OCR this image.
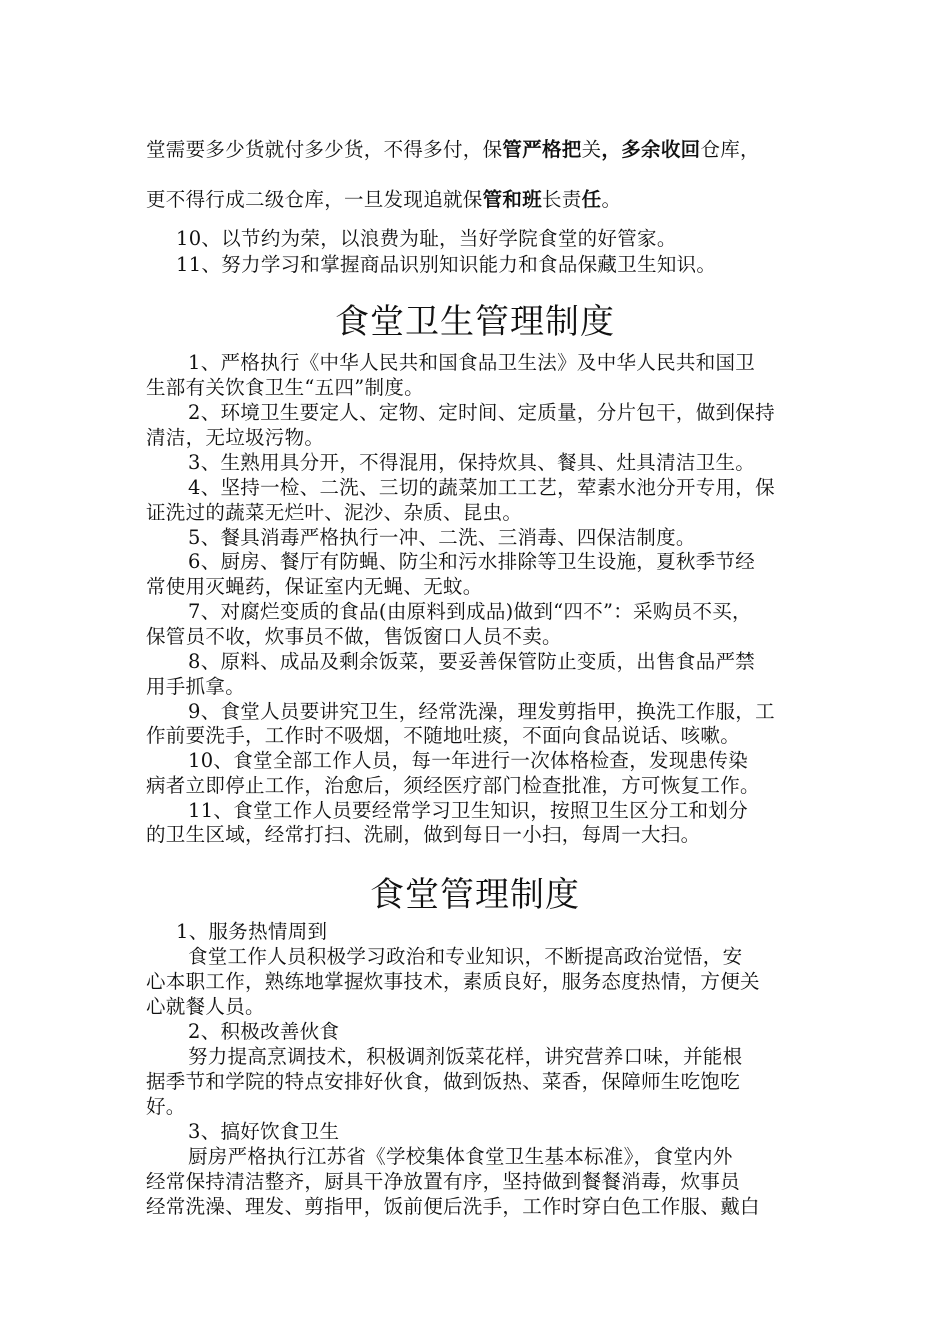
堂需要多少货就付多少货，不得多付，保管严格把关，多余收回仓库，
更不得行成二级仓库，一旦发现追就保管和班长责任。
10、以节约为荣，以浪费为耻，当好学院食堂的好管家。
11、努力学习和掌握商品识别知识能力和食品保藏卫生知识。
食堂卫生管理制度
1、严格执行《中华人民共和国食品卫生法》及中华人民共和国卫
生部有关饮食卫生“五四”制度。
2、环境卫生要定人、定物、定时间、定质量，分片包干，做到保持
清洁，无垃圾污物。
3、生熟用具分开，不得混用，保持炊具、餐具、灶具清洁卫生。
4、坚持一检、二洗、三切的蔬菜加工工艺，荤素水池分开专用，保
证洗过的蔬菜无烂叶、泥沙、杂质、昆虫。
5、餐具消毒严格执行一冲、二洗、三消毒、四保洁制度。
6、厨房、餐厅有防蝇、防尘和污水排除等卫生设施，夏秋季节经
常使用灭蝇药，保证室内无蝇、无蚊。
7、对腐烂变质的食品(由原料到成品)做到“四不”：采购员不买，
保管员不收，炊事员不做，售饭窗口人员不卖。
8、原料、成品及剩余饭菜，要妥善保管防止变质，出售食品严禁
用手抓拿。
9、食堂人员要讲究卫生，经常洗澡，理发剪指甲，换洗工作服，工
作前要洗手，工作时不吸烟，不随地吐痰，不面向食品说话、咳嗽。
10、食堂全部工作人员，每一年进行一次体格检查，发现患传染
病者立即停止工作，治愈后，须经医疗部门检查批准，方可恢复工作。
11、食堂工作人员要经常学习卫生知识，按照卫生区分工和划分
的卫生区域，经常打扫、洗刷，做到每日一小扫，每周一大扫。
食堂管理制度
1、服务热情周到
食堂工作人员积极学习政治和专业知识，不断提高政治觉悟，安
心本职工作，熟练地掌握炊事技术，素质良好，服务态度热情，方便关
心就餐人员。
2、积极改善伙食
努力提高烹调技术，积极调剂饭菜花样，讲究营养口味，并能根
据季节和学院的特点安排好伙食，做到饭热、菜香，保障师生吃饱吃
好。
3、搞好饮食卫生
厨房严格执行江苏省《学校集体食堂卫生基本标准》，食堂内外
经常保持清洁整齐，厨具干净放置有序，坚持做到餐餐消毒，炊事员
经常洗澡、理发、剪指甲，饭前便后洗手，工作时穿白色工作服、戴白
